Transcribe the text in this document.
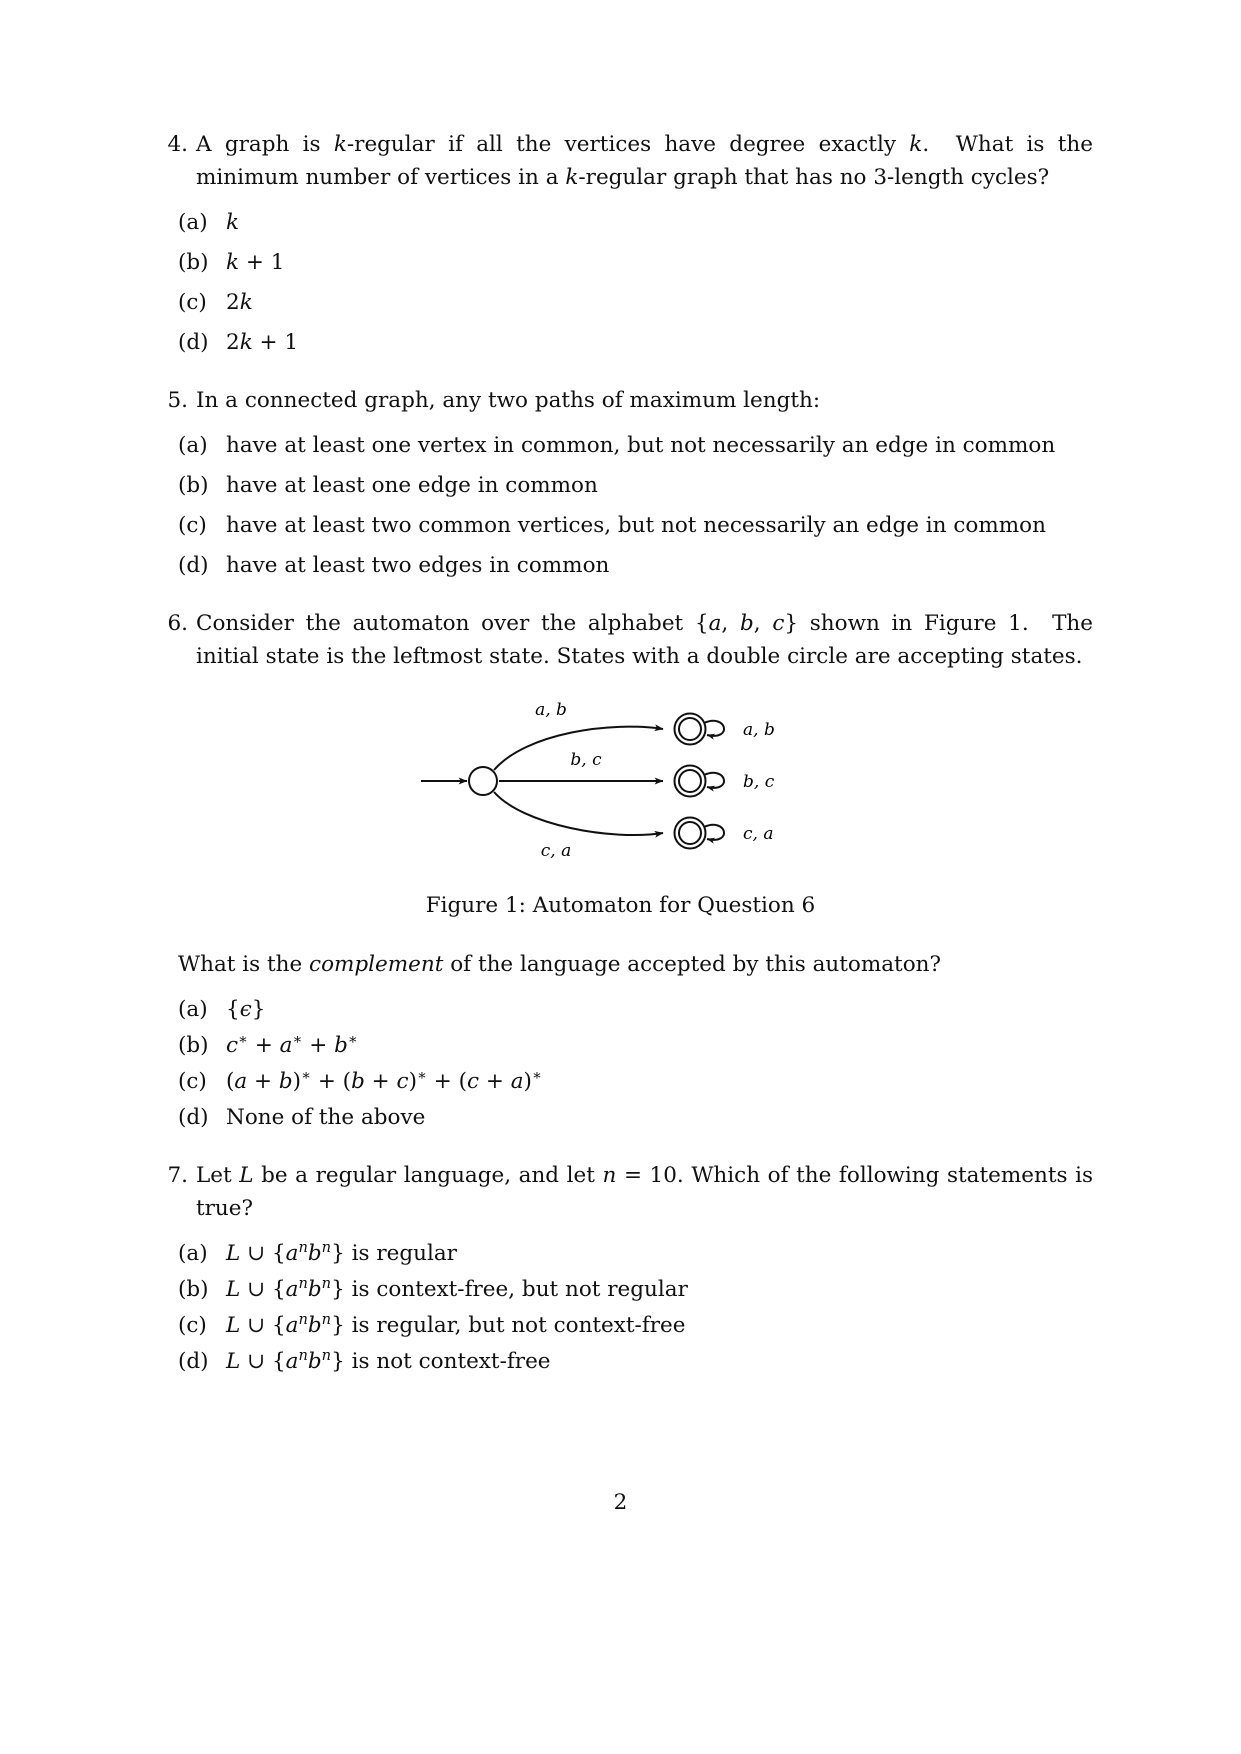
4. A graph is k-regular if all the vertices have degree exactly k.  What is the minimum number of vertices in a k-regular graph that has no 3-length cycles?
(a) k
(b) k + 1
(c) 2k
(d) 2k + 1
5. In a connected graph, any two paths of maximum length:
(a) have at least one vertex in common, but not necessarily an edge in common
(b) have at least one edge in common
(c) have at least two common vertices, but not necessarily an edge in common
(d) have at least two edges in common
6. Consider the automaton over the alphabet {a, b, c} shown in Figure 1.  The initial state is the leftmost state. States with a double circle are accepting states.
a, b
b, c
c, a
a, b
b, c
c, a
Figure 1: Automaton for Question 6
What is the complement of the language accepted by this automaton?
(a) {ϵ}
(b) c∗ + a∗ + b∗
(c) (a + b)∗ + (b + c)∗ + (c + a)∗
(d) None of the above
7. Let L be a regular language, and let n = 10. Which of the following statements is true?
(a) L ∪ $\{a^nb^n\}$ is regular
(b) L ∪ $\{a^nb^n\}$ is context-free, but not regular
(c) L ∪ $\{a^nb^n\}$ is regular, but not context-free
(d) L ∪ $\{a^nb^n\}$ is not context-free
2
